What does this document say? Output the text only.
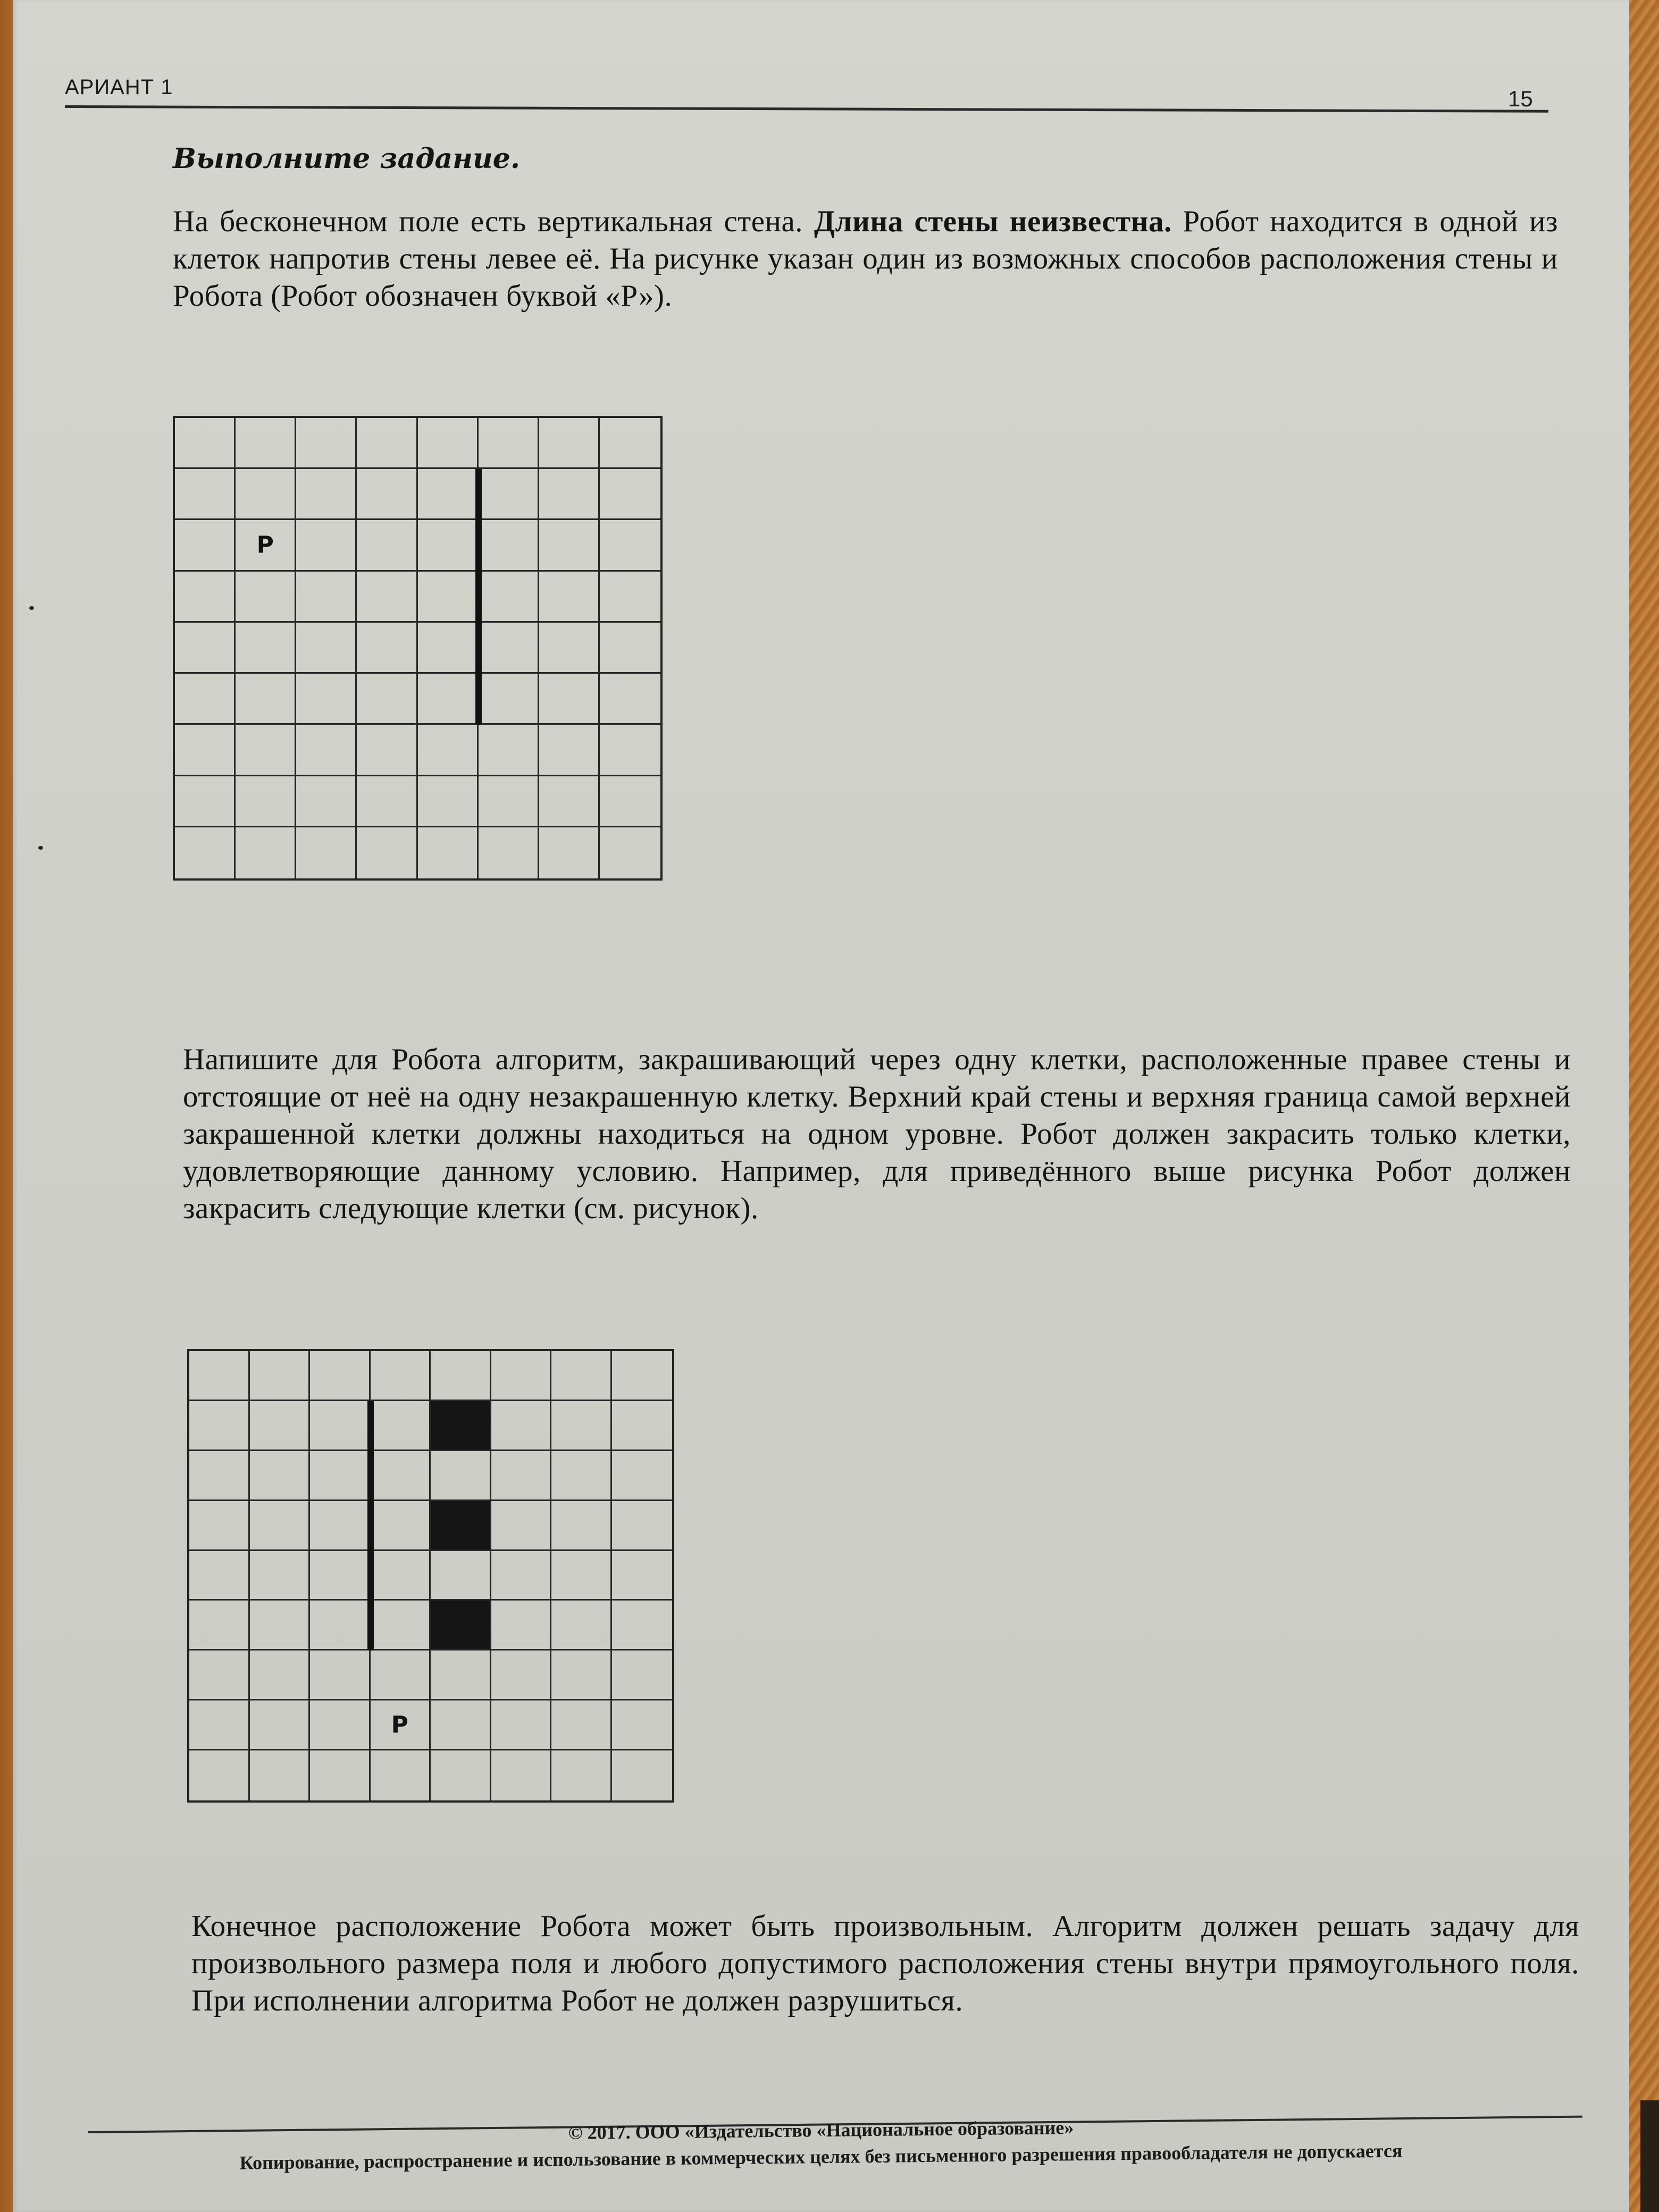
АРИАНТ 1	15
Выполните задание.
На бесконечном поле есть вертикальная стена. Длина стены неизвестна. Робот находится в одной из клеток напротив стены левее её. На рисунке указан один из возможных способов расположения стены и Робота (Робот обозначен буквой «Р»).
Р
Напишите для Робота алгоритм, закрашивающий через одну клетки, расположенные правее стены и отстоящие от неё на одну незакрашенную клетку. Верхний край стены и верхняя граница самой верхней закрашенной клетки должны находиться на одном уровне. Робот должен закрасить только клетки, удовлетворяющие данному условию. Например, для приведённого выше рисунка Робот должен закрасить следующие клетки (см. рисунок).
Р
Конечное расположение Робота может быть произвольным. Алгоритм должен решать задачу для произвольного размера поля и любого допустимого расположения стены внутри прямоугольного поля. При исполнении алгоритма Робот не должен разрушиться.
© 2017. ООО «Издательство «Национальное образование»
Копирование, распространение и использование в коммерческих целях без письменного разрешения правообладателя не допускается
